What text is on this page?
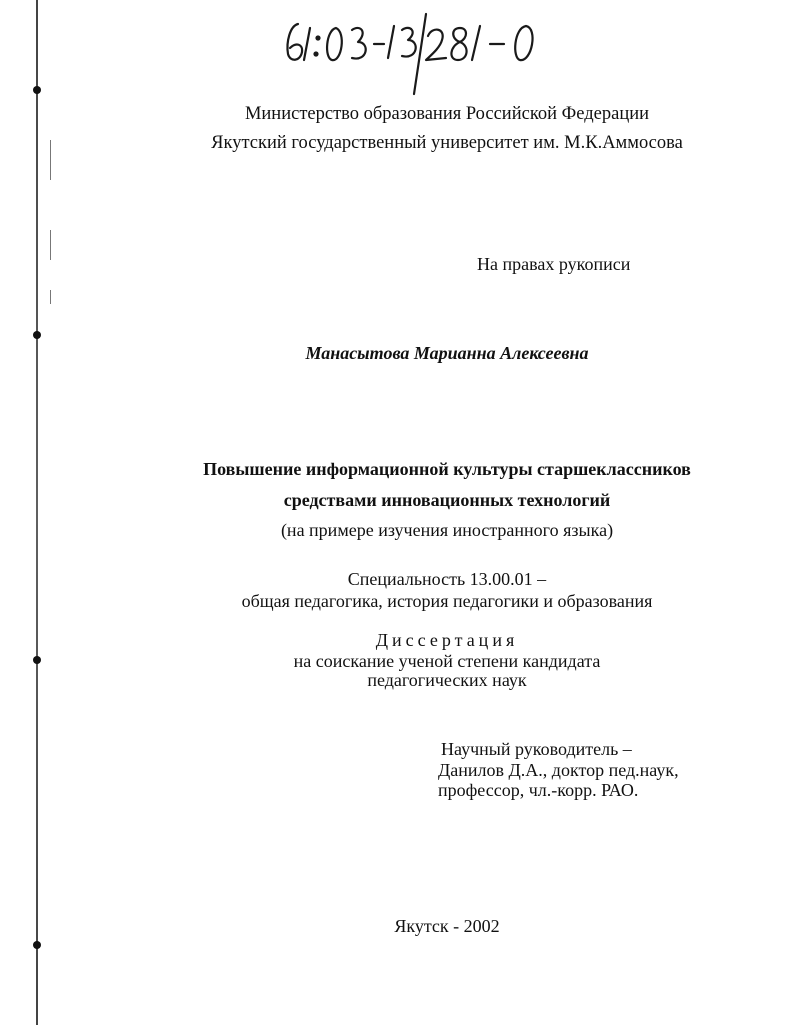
Министерство образования Российской Федерации
Якутский государственный университет им. М.К.Аммосова
На правах рукописи
Манасытова Марианна Алексеевна
Повышение информационной культуры старшеклассников
средствами инновационных технологий
(на примере изучения иностранного языка)
Специальность 13.00.01 –
общая педагогика, история педагогики и образования
Диссертация
на соискание ученой степени кандидата
педагогических наук
Научный руководитель –
Данилов Д.А., доктор пед.наук,
профессор, чл.-корр. РАО.
Якутск - 2002
